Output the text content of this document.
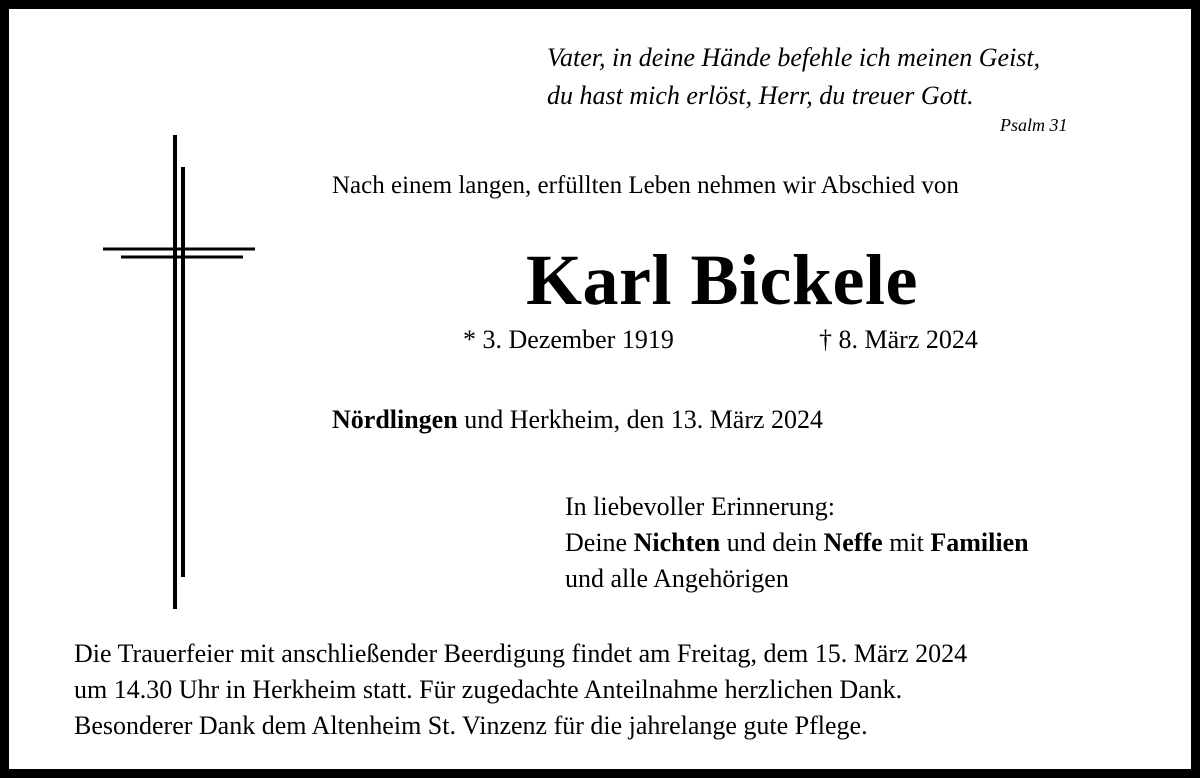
Vater, in deine Hände befehle ich meinen Geist,
du hast mich erlöst, Herr, du treuer Gott.
Psalm 31
Nach einem langen, erfüllten Leben nehmen wir Abschied von
Karl Bickele
* 3. Dezember 1919	† 8. März 2024
Nördlingen und Herkheim, den 13. März 2024
In liebevoller Erinnerung:
Deine Nichten und dein Neffe mit Familien
und alle Angehörigen
Die Trauerfeier mit anschließender Beerdigung findet am Freitag, dem 15. März 2024
um 14.30 Uhr in Herkheim statt. Für zugedachte Anteilnahme herzlichen Dank.
Besonderer Dank dem Altenheim St. Vinzenz für die jahrelange gute Pflege.
